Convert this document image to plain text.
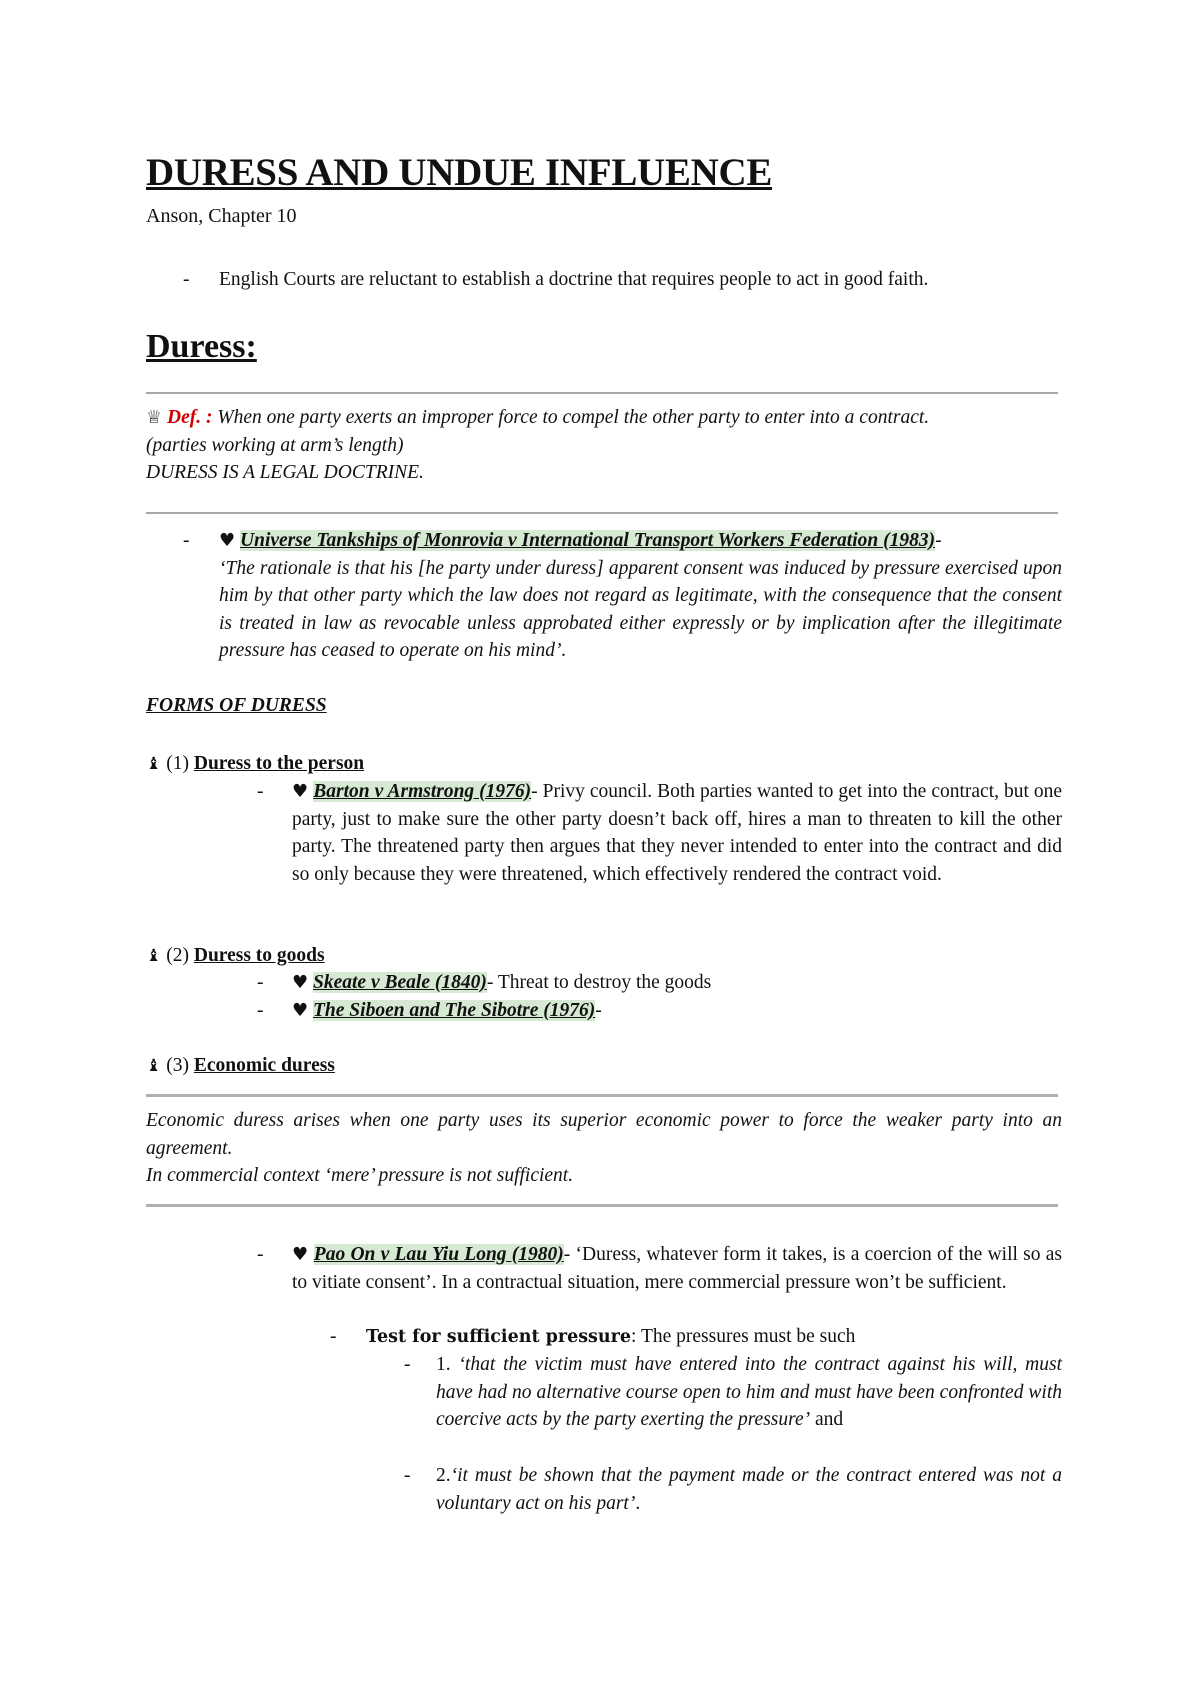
DURESS AND UNDUE INFLUENCE
Anson, Chapter 10
- English Courts are reluctant to establish a doctrine that requires people to act in good faith.
Duress:
♕ Def. : When one party exerts an improper force to compel the other party to enter into a contract.
(parties working at arm’s length)
DURESS IS A LEGAL DOCTRINE.
- ♥ Universe Tankships of Monrovia v International Transport Workers Federation (1983)-
‘The rationale is that his [he party under duress] apparent consent was induced by pressure exercised upon him by that other party which the law does not regard as legitimate, with the consequence that the consent is treated in law as revocable unless approbated either expressly or by implication after the illegitimate pressure has ceased to operate on his mind’.
FORMS OF DURESS
♝ (1) Duress to the person
- ♥ Barton v Armstrong (1976)- Privy council. Both parties wanted to get into the contract, but one party, just to make sure the other party doesn’t back off, hires a man to threaten to kill the other party. The threatened party then argues that they never intended to enter into the contract and did so only because they were threatened, which effectively rendered the contract void.
♝ (2) Duress to goods
- ♥ Skeate v Beale (1840)- Threat to destroy the goods
- ♥ The Siboen and The Sibotre (1976)-
♝ (3) Economic duress
Economic duress arises when one party uses its superior economic power to force the weaker party into an agreement.
In commercial context ‘mere’ pressure is not sufficient.
- ♥ Pao On v Lau Yiu Long (1980)- ‘Duress, whatever form it takes, is a coercion of the will so as to vitiate consent’. In a contractual situation, mere commercial pressure won’t be sufficient.
- Test for sufficient pressure: The pressures must be such
- 1. ‘that the victim must have entered into the contract against his will, must have had no alternative course open to him and must have been confronted with coercive acts by the party exerting the pressure’ and
- 2.‘it must be shown that the payment made or the contract entered was not a voluntary act on his part’.
